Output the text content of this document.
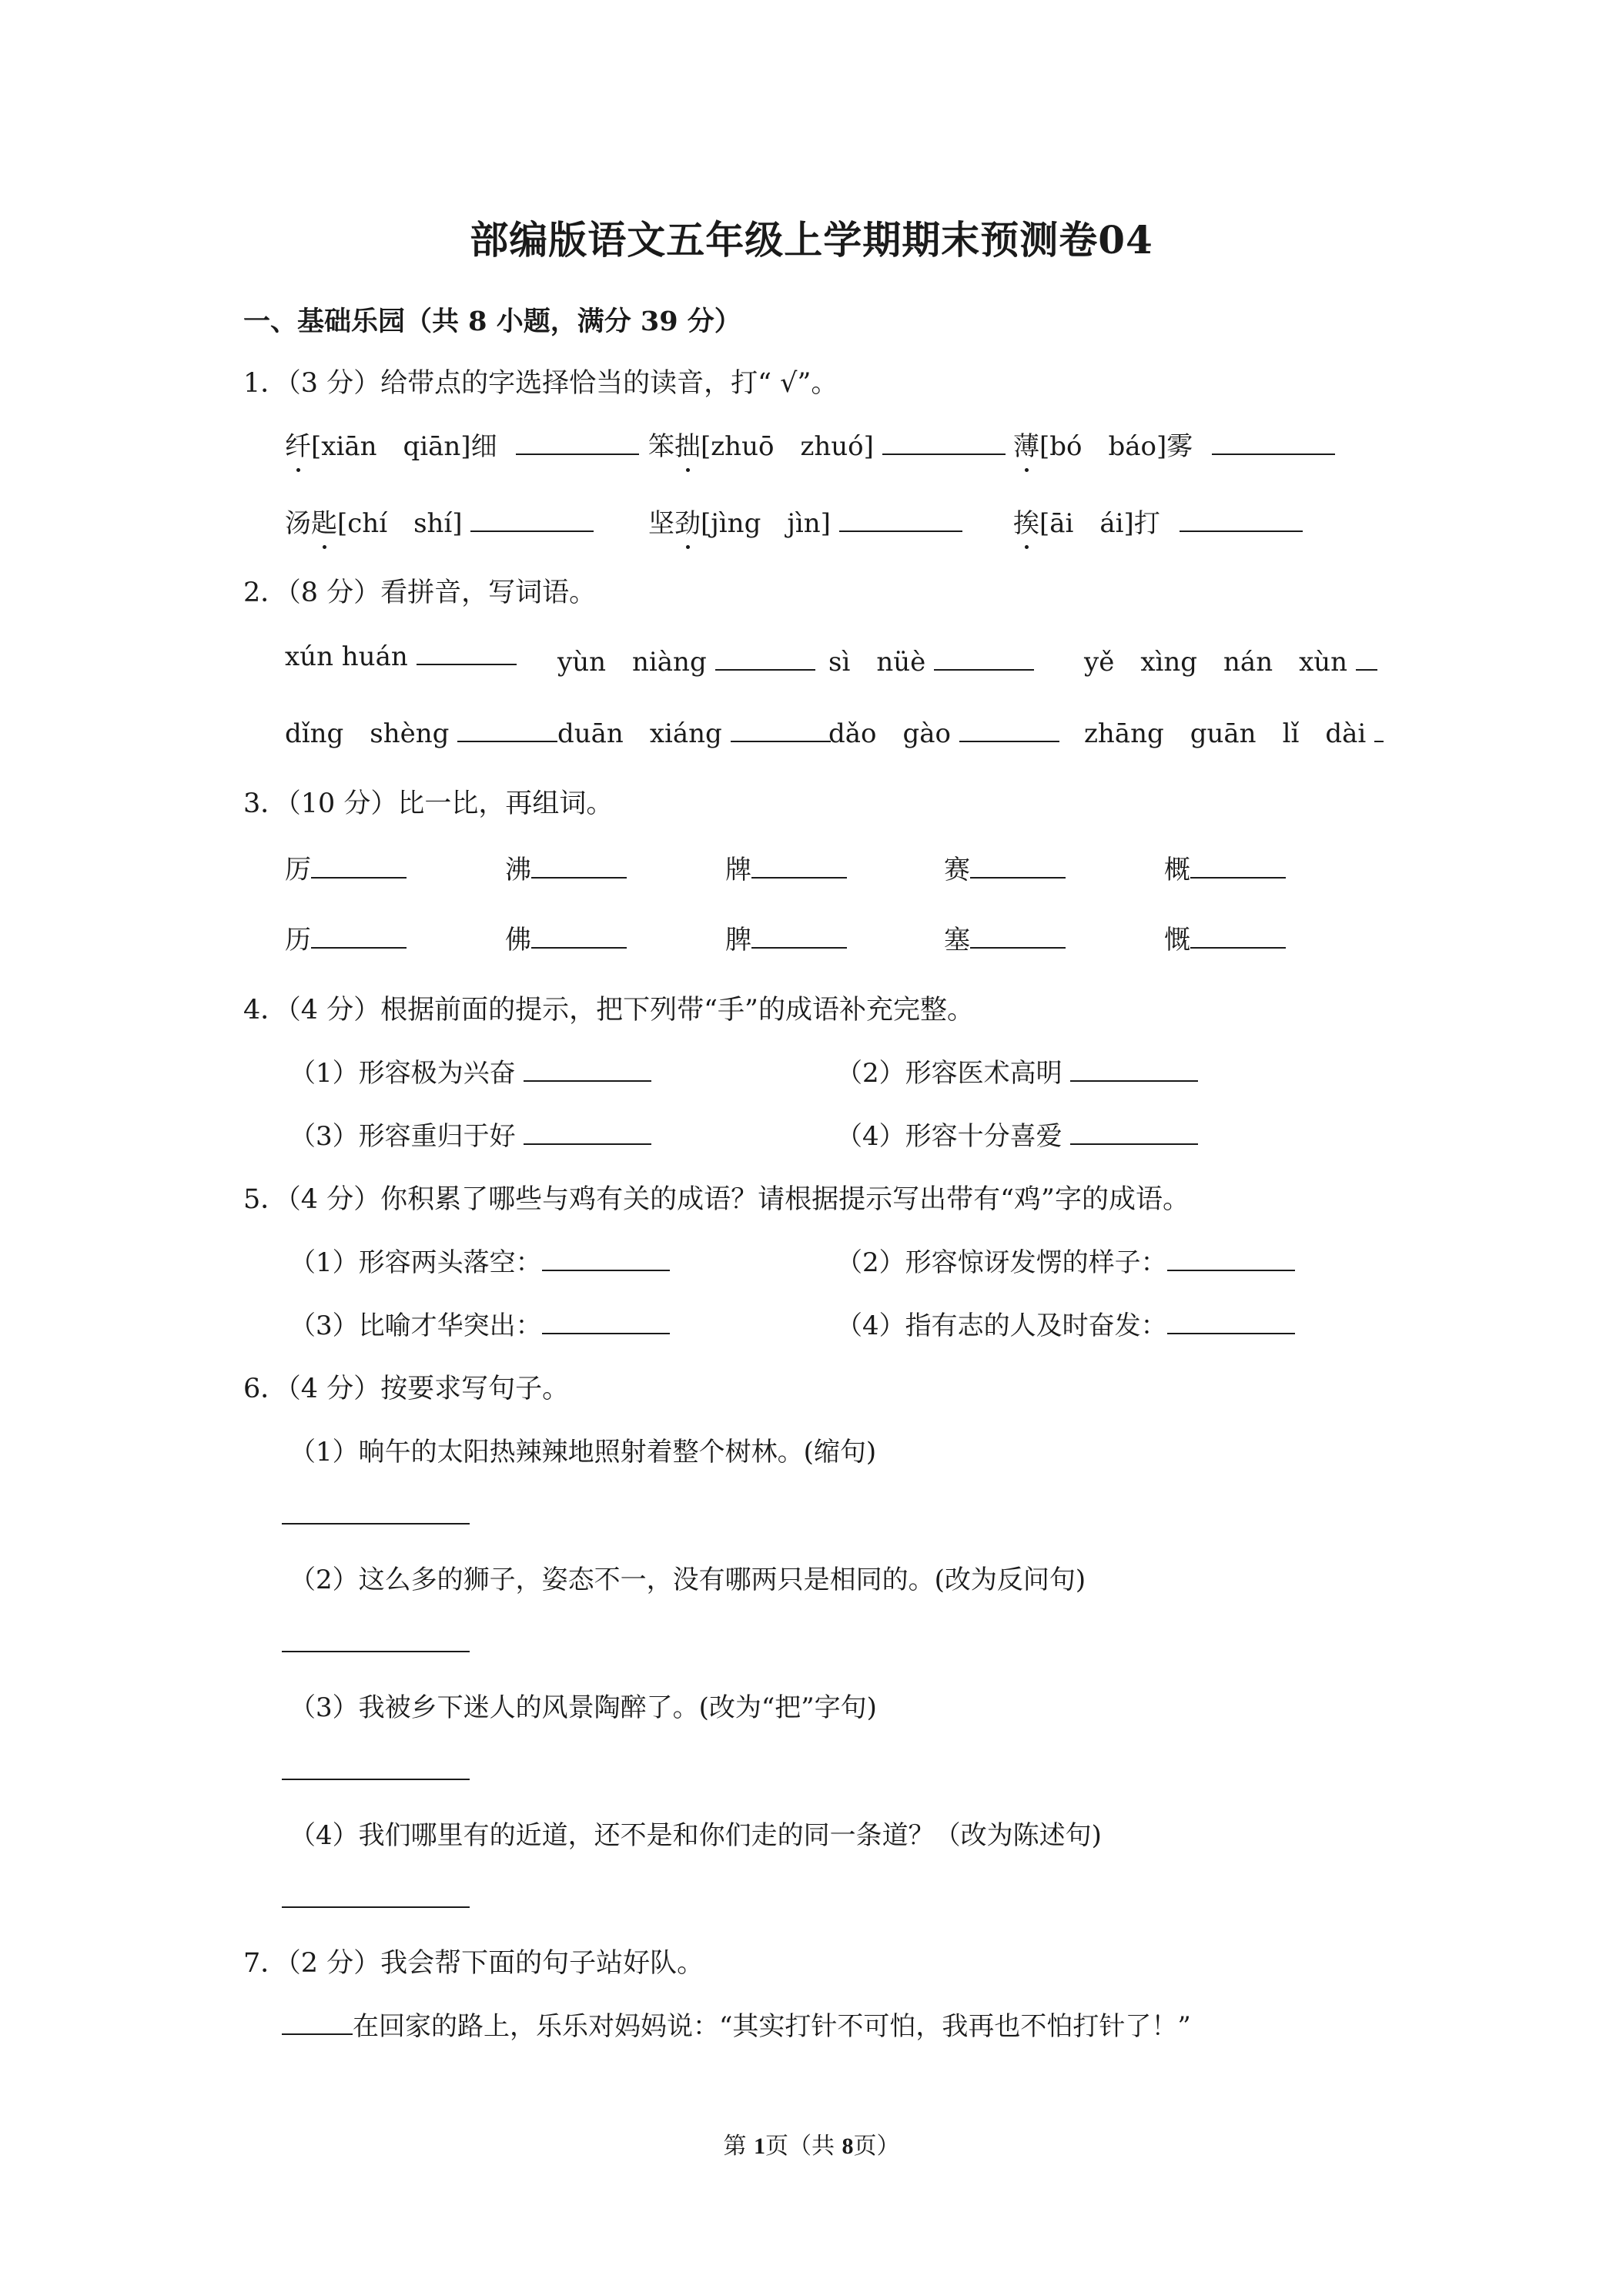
部编版语文五年级上学期期末预测卷04
一、基础乐园（共 8 小题，满分 39 分）
1．（3 分）给带点的字选择恰当的读音，打“ √”。
纤[xiān　qiān]细	笨拙[zhuō　zhuó]	薄[bó　báo]雾
汤匙[chí　shí]	坚劲[jìng　jìn]	挨[āi　ái]打
2．（8 分）看拼音，写词语。
xún huán	yùn　niàng	sì　nüè	yě　xìng　nán　xùn
dǐng　shèng	duān　xiáng	dǎo　gào	zhāng　guān　lǐ　dài
3．（10 分）比一比，再组词。
厉	沸	牌	赛	概
历	佛	脾	塞	慨
4．（4 分）根据前面的提示，把下列带“手”的成语补充完整。
（1）形容极为兴奋	（2）形容医术高明
（3）形容重归于好	（4）形容十分喜爱
5．（4 分）你积累了哪些与鸡有关的成语？请根据提示写出带有“鸡”字的成语。
（1）形容两头落空：	（2）形容惊讶发愣的样子：
（3）比喻才华突出：	（4）指有志的人及时奋发：
6．（4 分）按要求写句子。
（1）晌午的太阳热辣辣地照射着整个树林。(缩句)
（2）这么多的狮子，姿态不一，没有哪两只是相同的。(改为反问句)
（3）我被乡下迷人的风景陶醉了。(改为“把”字句)
（4）我们哪里有的近道，还不是和你们走的同一条道？（改为陈述句)
7．（2 分）我会帮下面的句子站好队。
在回家的路上，乐乐对妈妈说：“其实打针不可怕，我再也不怕打针了！”
第 1页（共 8页）
